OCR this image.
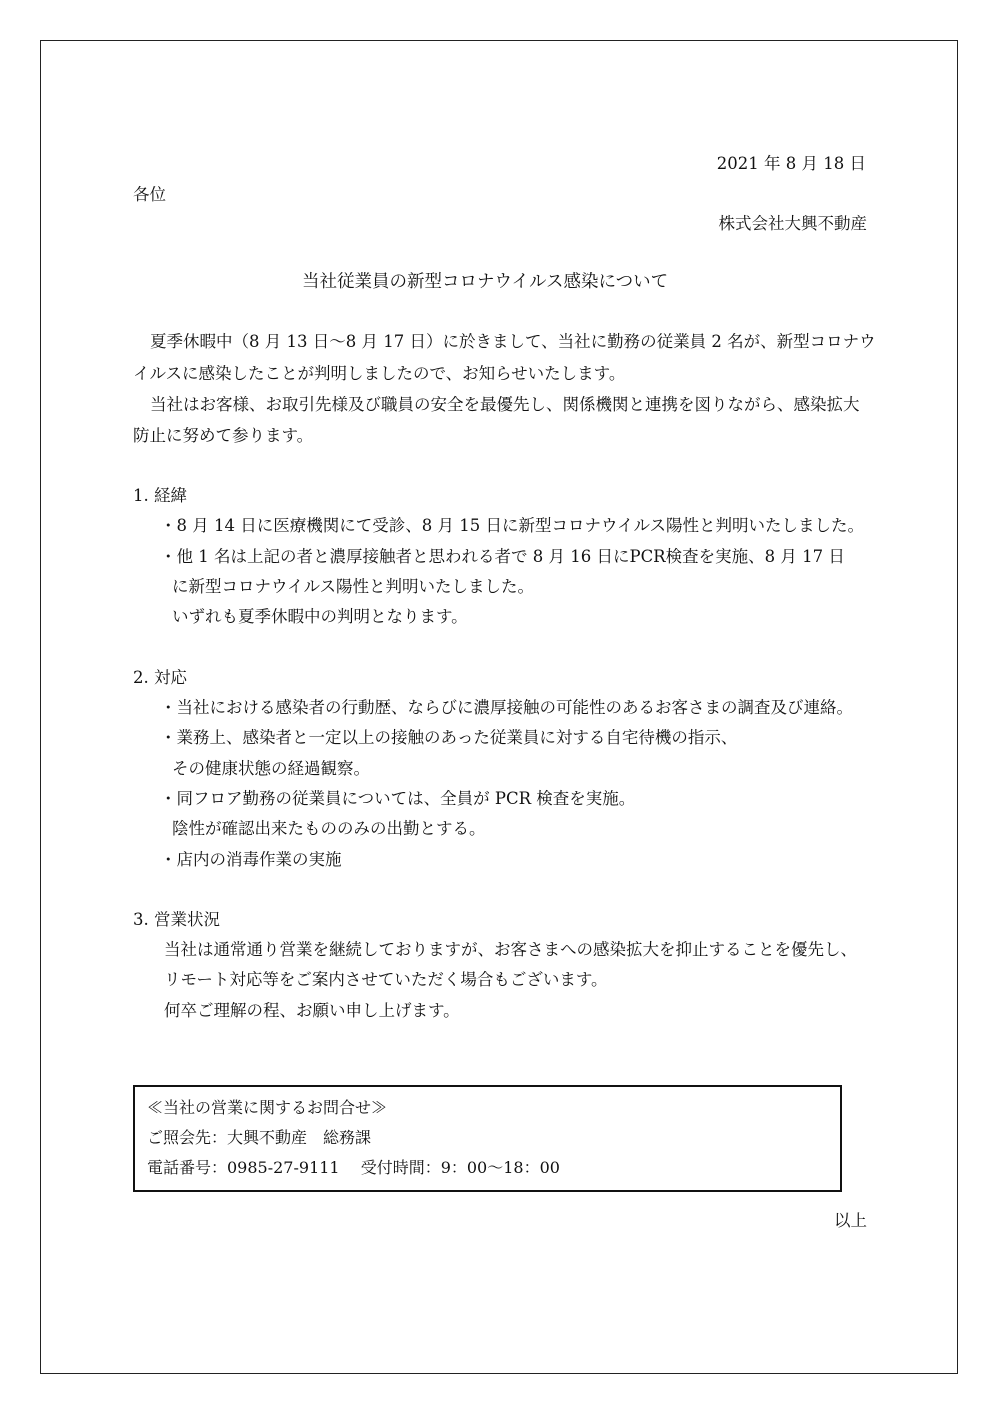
2021 年 8 月 18 日
各位
株式会社大興不動産
当社従業員の新型コロナウイルス感染について
夏季休暇中（8 月 13 日～8 月 17 日）に於きまして、当社に勤務の従業員 2 名が、新型コロナウ
イルスに感染したことが判明しましたので、お知らせいたします。
当社はお客様、お取引先様及び職員の安全を最優先し、関係機関と連携を図りながら、感染拡大
防止に努めて参ります。
1. 経緯
・8 月 14 日に医療機関にて受診、8 月 15 日に新型コロナウイルス陽性と判明いたしました。
・他 1 名は上記の者と濃厚接触者と思われる者で 8 月 16 日にPCR検査を実施、8 月 17 日
に新型コロナウイルス陽性と判明いたしました。
いずれも夏季休暇中の判明となります。
2. 対応
・当社における感染者の行動歴、ならびに濃厚接触の可能性のあるお客さまの調査及び連絡。
・業務上、感染者と一定以上の接触のあった従業員に対する自宅待機の指示、
その健康状態の経過観察。
・同フロア勤務の従業員については、全員が PCR 検査を実施。
陰性が確認出来たもののみの出勤とする。
・店内の消毒作業の実施
3. 営業状況
当社は通常通り営業を継続しておりますが、お客さまへの感染拡大を抑止することを優先し、
リモート対応等をご案内させていただく場合もございます。
何卒ご理解の程、お願い申し上げます。
≪当社の営業に関するお問合せ≫
ご照会先：大興不動産　総務課
電話番号：0985-27-9111　 受付時間：9：00～18：00
以上
